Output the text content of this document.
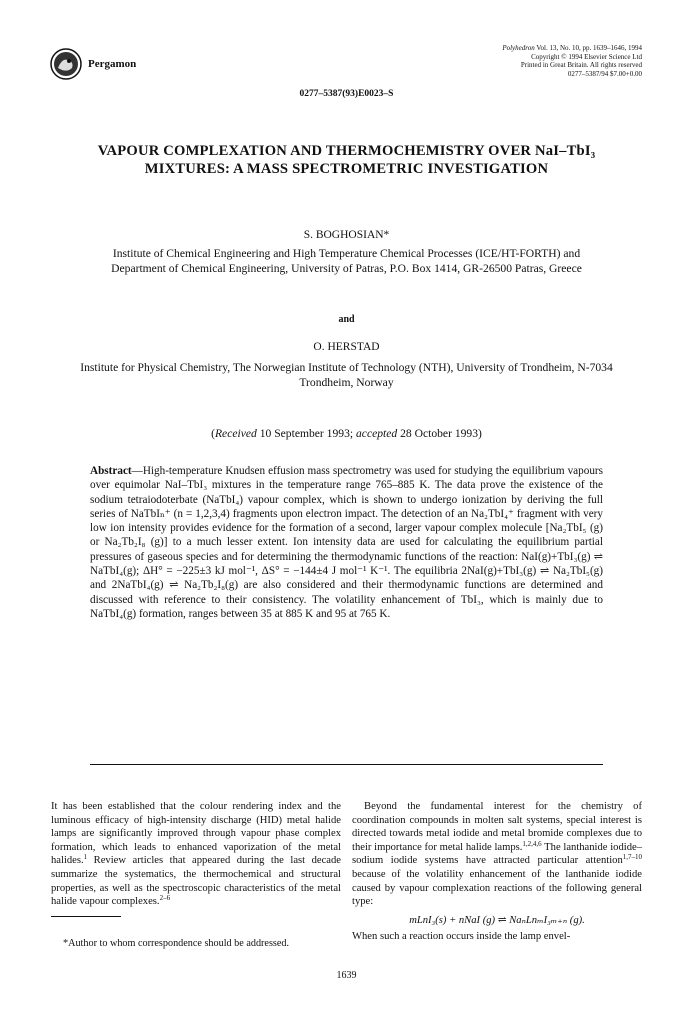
Pergamon
Polyhedron Vol. 13, No. 10, pp. 1639–1646, 1994
Copyright © 1994 Elsevier Science Ltd
Printed in Great Britain. All rights reserved
0277–5387/94 $7.00+0.00
0277–5387(93)E0023–S
VAPOUR COMPLEXATION AND THERMOCHEMISTRY OVER NaI–TbI₃ MIXTURES: A MASS SPECTROMETRIC INVESTIGATION
S. BOGHOSIAN*
Institute of Chemical Engineering and High Temperature Chemical Processes (ICE/HT-FORTH) and Department of Chemical Engineering, University of Patras, P.O. Box 1414, GR-26500 Patras, Greece
and
O. HERSTAD
Institute for Physical Chemistry, The Norwegian Institute of Technology (NTH), University of Trondheim, N-7034 Trondheim, Norway
(Received 10 September 1993; accepted 28 October 1993)
Abstract—High-temperature Knudsen effusion mass spectrometry was used for studying the equilibrium vapours over equimolar NaI–TbI₃ mixtures in the temperature range 765–885 K. The data prove the existence of the sodium tetraiodoterbate (NaTbI₄) vapour complex, which is shown to undergo ionization by deriving the full series of NaTbIₙ⁺ (n = 1,2,3,4) fragments upon electron impact. The detection of an Na₂TbI₄⁺ fragment with very low ion intensity provides evidence for the formation of a second, larger vapour complex molecule [Na₂TbI₅ (g) or Na₂Tb₂I₈ (g)] to a much lesser extent. Ion intensity data are used for calculating the equilibrium partial pressures of gaseous species and for determining the thermodynamic functions of the reaction: NaI(g)+TbI₃(g) ⇌ NaTbI₄(g); ΔH° = −225±3 kJ mol⁻¹, ΔS° = −144±4 J mol⁻¹ K⁻¹. The equilibria 2NaI(g)+TbI₃(g) ⇌ Na₂TbI₅(g) and 2NaTbI₄(g) ⇌ Na₂Tb₂I₈(g) are also considered and their thermodynamic functions are determined and discussed with reference to their consistency. The volatility enhancement of TbI₃, which is mainly due to NaTbI₄(g) formation, ranges between 35 at 885 K and 95 at 765 K.

It has been established that the colour rendering index and the luminous efficacy of high-intensity discharge (HID) metal halide lamps are significantly improved through vapour phase complex formation, which leads to enhanced vaporization of the metal halides.$^1$ Review articles that appeared during the last decade summarize the systematics, the thermochemical and structural properties, as well as the spectroscopic characteristics of the metal halide vapour complexes.$^{2-6}$

Beyond the fundamental interest for the chemistry of coordination compounds in molten salt systems, special interest is directed towards metal iodide and metal bromide complexes due to their importance for metal halide lamps.$^{1,2,4,6}$ The lanthanide iodide–sodium iodide systems have attracted particular attention$^{1,7-10}$ because of the volatility enhancement of the lanthanide iodide caused by vapour complexation reactions of the following general type:

mLnI₃(s) + nNaI (g) ⇌ NaₙLnₘI₃ₘ₊ₙ (g).

When such a reaction occurs inside the lamp envel-

*Author to whom correspondence should be addressed.
1639
